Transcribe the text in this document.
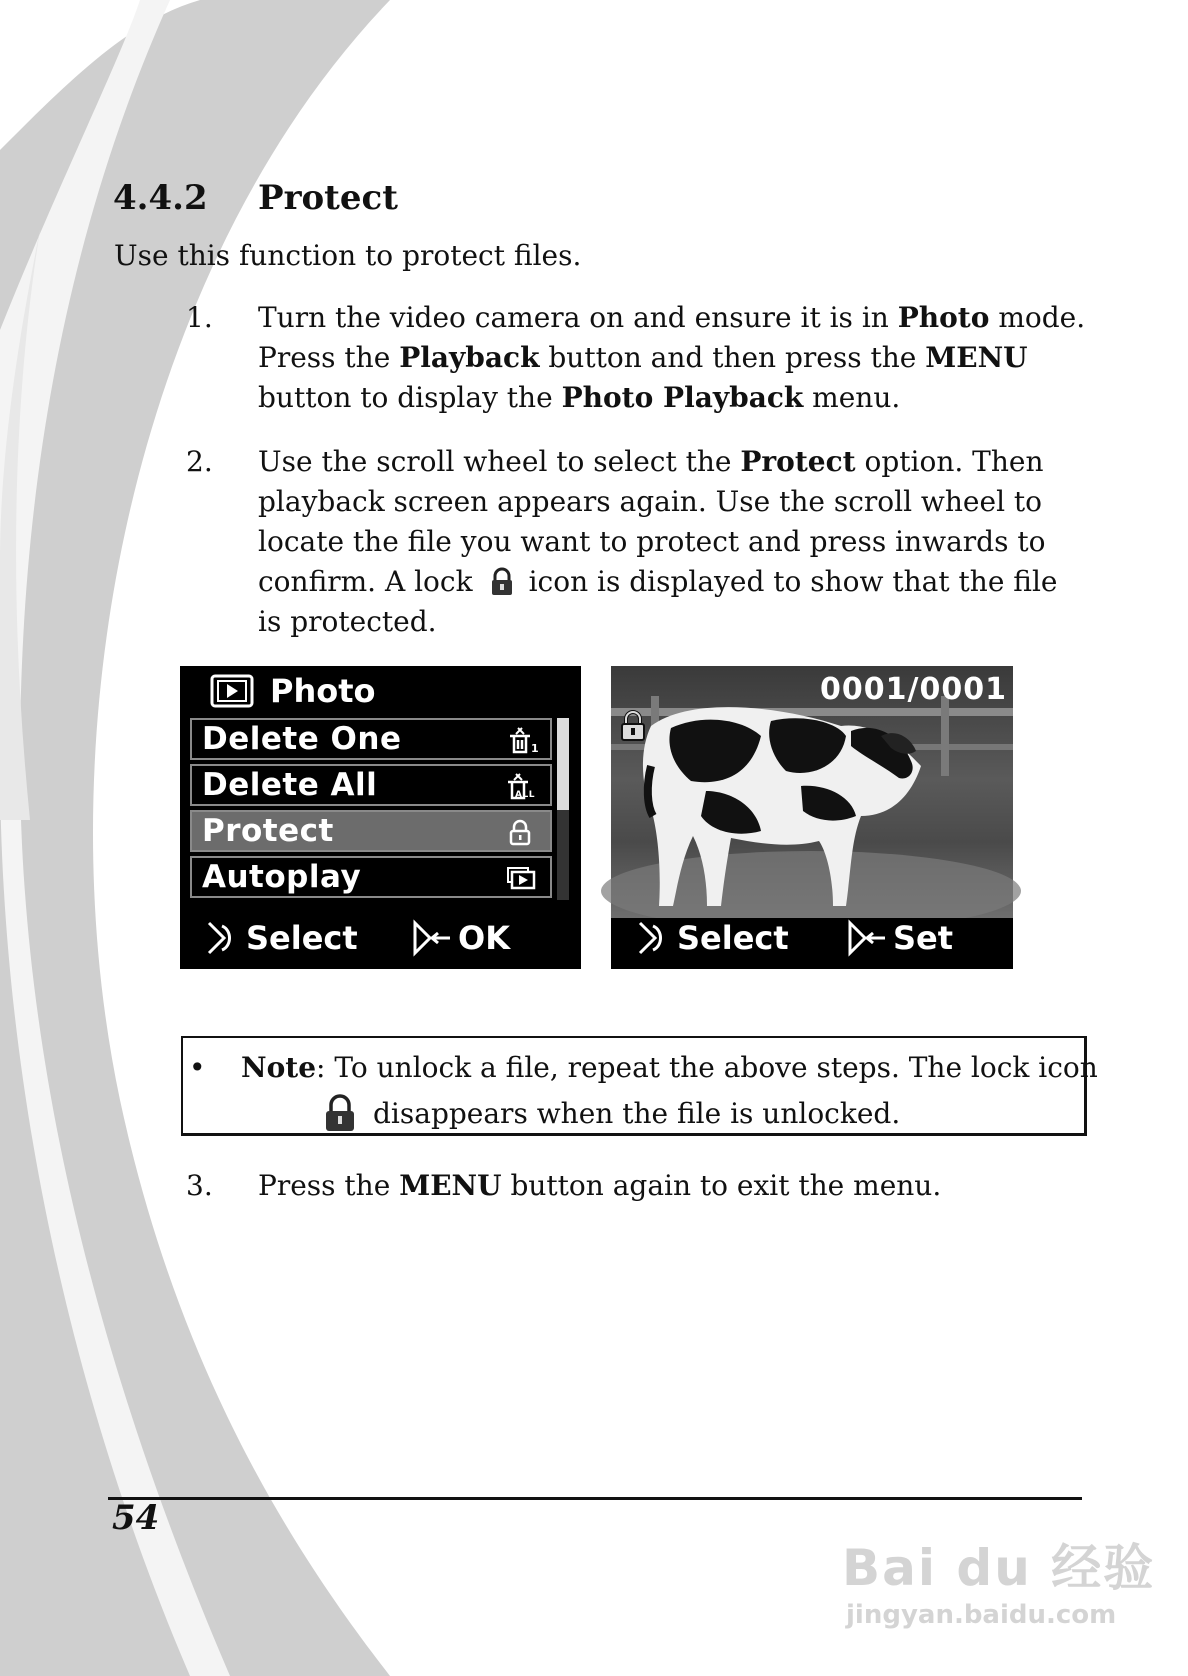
4.4.2 Protect
Use this function to protect files.
1. Turn the video camera on and ensure it is in Photo mode.
Press the Playback button and then press the MENU
button to display the Photo Playback menu.
2. Use the scroll wheel to select the Protect option. Then
playback screen appears again. Use the scroll wheel to
locate the file you want to protect and press inwards to
confirm. A lock icon is displayed to show that the file
is protected.
Photo
Delete One	1
Delete All	ALL
Protect
Autoplay
Select	OK
0001/0001
Select	Set
• Note: To unlock a file, repeat the above steps. The lock icon
disappears when the file is unlocked.
3. Press the MENU button again to exit the menu.
54
Bai du 经验
jingyan.baidu.com
